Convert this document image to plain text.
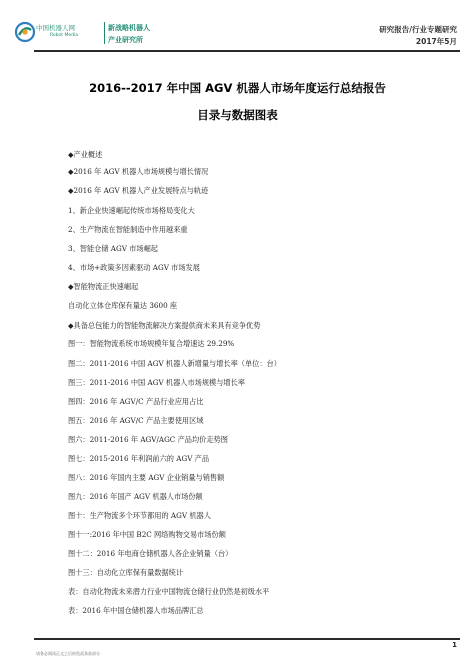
中国机器人网
Robot Media
新战略机器人
产业研究所
研究报告/行业专题研究
2017年5月
2016--2017 年中国 AGV 机器人市场年度运行总结报告
目录与数据图表
◆产业概述
◆2016 年 AGV 机器人市场规模与增长情况
◆2016 年 AGV 机器人产业发展特点与轨迹
1、新企业快速崛起传统市场格局变化大
2、生产物流在智能制造中作用越来重
3、智能仓储 AGV 市场崛起
4、市场+政策多因素驱动 AGV 市场发展
◆智能物流正快速崛起
自动化立体仓库保有量达 3600 座
◆具备总包能力的智能物流解决方案提供商未来具有竞争优势
图一：智能物流系统市场规模年复合增速达 29.29%
图二：2011-2016 中国 AGV 机器人新增量与增长率（单位：台）
图三：2011-2016 中国 AGV 机器人市场规模与增长率
图四：2016 年 AGV/C 产品行业应用占比
图五：2016 年 AGV/C 产品主要使用区域
图六：2011-2016 年 AGV/AGC 产品均价走势图
图七：2015-2016 年利润前六的 AGV 产品
图八：2016 年国内主要 AGV 企业销量与销售额
图九：2016 年国产 AGV 机器人市场份额
图十：生产物流多个环节都用的 AGV 机器人
图十一:2016 年中国 B2C 网络购物交易市场份额
图十二：2016 年电商仓储机器人各企业销量（台）
图十三：自动化立库保有量数据统计
表：自动化物流未来潜力行业中国物流仓储行业仍然是初级水平
表：2016 年中国仓储机器人市场品牌汇总
1
请务必阅读正文之后的免责条款部分
